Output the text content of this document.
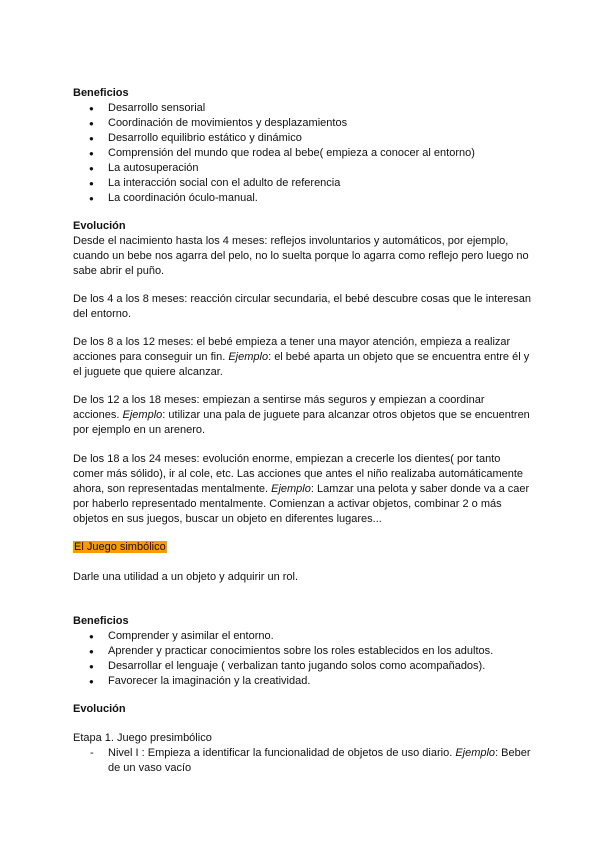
Beneficios
● Desarrollo sensorial
● Coordinación de movimientos y desplazamientos
● Desarrollo equilibrio estático y dinámico
● Comprensión del mundo que rodea al bebe( empieza a conocer al entorno)
● La autosuperación
● La interacción social con el adulto de referencia
● La coordinación óculo-manual.
Evolución

Desde el nacimiento hasta los 4 meses: reflejos involuntarios y automáticos, por ejemplo, cuando un bebe nos agarra del pelo, no lo suelta porque lo agarra como reflejo pero luego no sabe abrir el puño.

De los 4 a los 8 meses: reacción circular secundaria, el bebé descubre cosas que le interesan del entorno.

De los 8 a los 12 meses: el bebé empieza a tener una mayor atención, empieza a realizar acciones para conseguir un fin. Ejemplo: el bebé aparta un objeto que se encuentra entre él y el juguete que quiere alcanzar.

De los 12 a los 18 meses: empiezan a sentirse más seguros y empiezan a coordinar acciones. Ejemplo: utilizar una pala de juguete para alcanzar otros objetos que se encuentren por ejemplo en un arenero.

De los 18 a los 24 meses: evolución enorme, empiezan a crecerle los dientes( por tanto comer más sólido), ir al cole, etc. Las acciones que antes el niño realizaba automáticamente ahora, son representadas mentalmente. Ejemplo: Lamzar una pelota y saber donde va a caer por haberlo representado mentalmente. Comienzan a activar objetos, combinar 2 o más objetos en sus juegos, buscar un objeto en diferentes lugares...

El Juego simbólico

Darle una utilidad a un objeto y adquirir un rol.

Beneficios
● Comprender y asimilar el entorno.
● Aprender y practicar conocimientos sobre los roles establecidos en los adultos.
● Desarrollar el lenguaje ( verbalizan tanto jugando solos como acompañados).
● Favorecer la imaginación y la creatividad.
Evolución
Etapa 1. Juego presimbólico
- Nivel I : Empieza a identificar la funcionalidad de objetos de uso diario. Ejemplo: Beber de un vaso vacío
